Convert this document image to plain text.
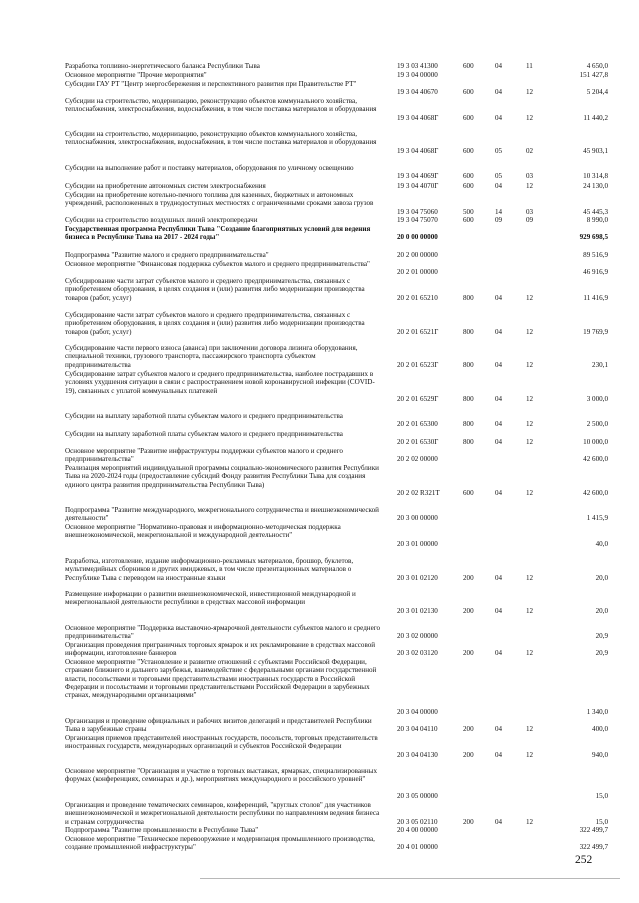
Разработка топливно-энергетического баланса Республики Тыва	19 3 03 41300	600	04	11	4 650,0
Основное мероприятие "Прочие мероприятия"	19 3 04 00000	151 427,8
Субсидии ГАУ РТ "Центр энергосбережения и перспективного развития при Правительстве РТ"
19 3 04 40670	600	04	12	5 204,4
Субсидии на строительство, модернизацию, реконструкцию объектов коммунального хозяйства, теплоснабжения, электроснабжения, водоснабжения, в том числе поставка материалов и оборудования
19 3 04 4068Г	600	04	12	11 440,2
Субсидии на строительство, модернизацию, реконструкцию объектов коммунального хозяйства, теплоснабжения, электроснабжения, водоснабжения, в том числе поставка материалов и оборудования
19 3 04 4068Г	600	05	02	45 903,1
Субсидии на выполнение работ и поставку материалов, оборудования по уличному освещению
19 3 04 4069Г	600	05	03	10 314,8
Субсидии на приобретение автономных систем электроснабжения	19 3 04 4070Г	600	04	12	24 130,0
Субсидии на приобретение котельно-печного топлива для казенных, бюджетных и автономных учреждений, расположенных в труднодоступных местностях с ограниченными сроками завоза грузов
19 3 04 75060	500	14	03	45 445,3
Субсидии на строительство воздушных линий электропередачи	19 3 04 75070	600	09	09	8 990,0
Государственная программа Республики Тыва "Создание благоприятных условий для ведения бизнеса в Республике Тыва на 2017 - 2024 годы"	20 0 00 00000	929 698,5
Подпрограмма "Развитие малого и среднего предпринимательства"	20 2 00 00000	89 516,9
Основное мероприятие "Финансовая поддержка субъектов малого и среднего предпринимательства"
20 2 01 00000	46 916,9
Субсидирование части затрат субъектов малого и среднего предпринимательства, связанных с приобретением оборудования, в целях создания и (или) развития либо модернизации производства товаров (работ, услуг)	20 2 01 65210	800	04	12	11 416,9
Субсидирование части затрат субъектов малого и среднего предпринимательства, связанных с приобретением оборудования, в целях создания и (или) развития либо модернизации производства товаров (работ, услуг)	20 2 01 6521Г	800	04	12	19 769,9
Субсидирование части первого взноса (аванса) при заключении договора лизинга оборудования, специальной техники, грузового транспорта, пассажирского транспорта субъектом предпринимательства	20 2 01 6523Г	800	04	12	230,1
Субсидирование затрат субъектов малого и среднего предпринимательства, наиболее пострадавших в условиях ухудшения ситуации в связи с распространением новой коронавирусной инфекции (COVID-19), связанных с уплатой коммунальных платежей
20 2 01 6529Г	800	04	12	3 000,0
Субсидии на выплату заработной платы субъектам малого и среднего предпринимательства
20 2 01 65300	800	04	12	2 500,0
Субсидии на выплату заработной платы субъектам малого и среднего предпринимательства
20 2 01 6530Г	800	04	12	10 000,0
Основное мероприятие "Развитие инфраструктуры поддержки субъектов малого и среднего предпринимательства"	20 2 02 00000	42 600,0
Реализация мероприятий индивидуальной программы социально-экономического развития Республики Тыва на 2020-2024 годы (предоставление субсидий Фонду развития Республики Тыва для создания единого центра развития предпринимательства Республики Тыва)
20 2 02 R321Т	600	04	12	42 600,0
Подпрограмма "Развитие международного, межрегионального сотрудничества и внешнеэкономической деятельности"	20 3 00 00000	1 415,9
Основное мероприятие "Нормативно-правовая и информационно-методическая поддержка внешнеэкономической, межрегиональной и международной деятельности"
20 3 01 00000	40,0
Разработка, изготовление, издание информационно-рекламных материалов, брошюр, буклетов, мультимедийных сборников и других имиджевых, в том числе презентационных материалов о Республике Тыва с переводом на иностранные языки	20 3 01 02120	200	04	12	20,0
Размещение информации о развитии внешнеэкономической, инвестиционной международной и межрегиональной деятельности республики в средствах массовой информации
20 3 01 02130	200	04	12	20,0
Основное мероприятие "Поддержка выставочно-ярмарочной деятельности субъектов малого и среднего предпринимательства"	20 3 02 00000	20,9
Организация проведения приграничных торговых ярмарок и их рекламирование в средствах массовой информации, изготовление баннеров	20 3 02 03120	200	04	12	20,9
Основное мероприятие "Установление и развитие отношений с субъектами Российской Федерации, странами ближнего и дальнего зарубежья, взаимодействие с федеральными органами государственной власти, посольствами и торговыми представительствами иностранных государств в Российской Федерации и посольствами и торговыми представительствами Российской Федерации в зарубежных странах, международными организациями"
20 3 04 00000	1 340,0
Организация и проведение официальных и рабочих визитов делегаций и представителей Республики Тыва в зарубежные страны	20 3 04 04110	200	04	12	400,0
Организация приемов представителей иностранных государств, посольств, торговых представительств иностранных государств, международных организаций и субъектов Российской Федерации
20 3 04 04130	200	04	12	940,0
Основное мероприятие "Организация и участие в торговых выставках, ярмарках, специализированных форумах (конференциях, семинарах и др.), мероприятиях международного и российского уровней"
20 3 05 00000	15,0
Организация и проведение тематических семинаров, конференций, "круглых столов" для участников внешнеэкономической и межрегиональной деятельности республики по направлениям ведения бизнеса и странам сотрудничества	20 3 05 02110	200	04	12	15,0
Подпрограмма "Развитие промышленности в Республике Тыва"	20 4 00 00000	322 499,7
Основное мероприятие "Техническое перевооружение и модернизация промышленного производства, создание промышленной инфраструктуры"	20 4 01 00000	322 499,7
252
